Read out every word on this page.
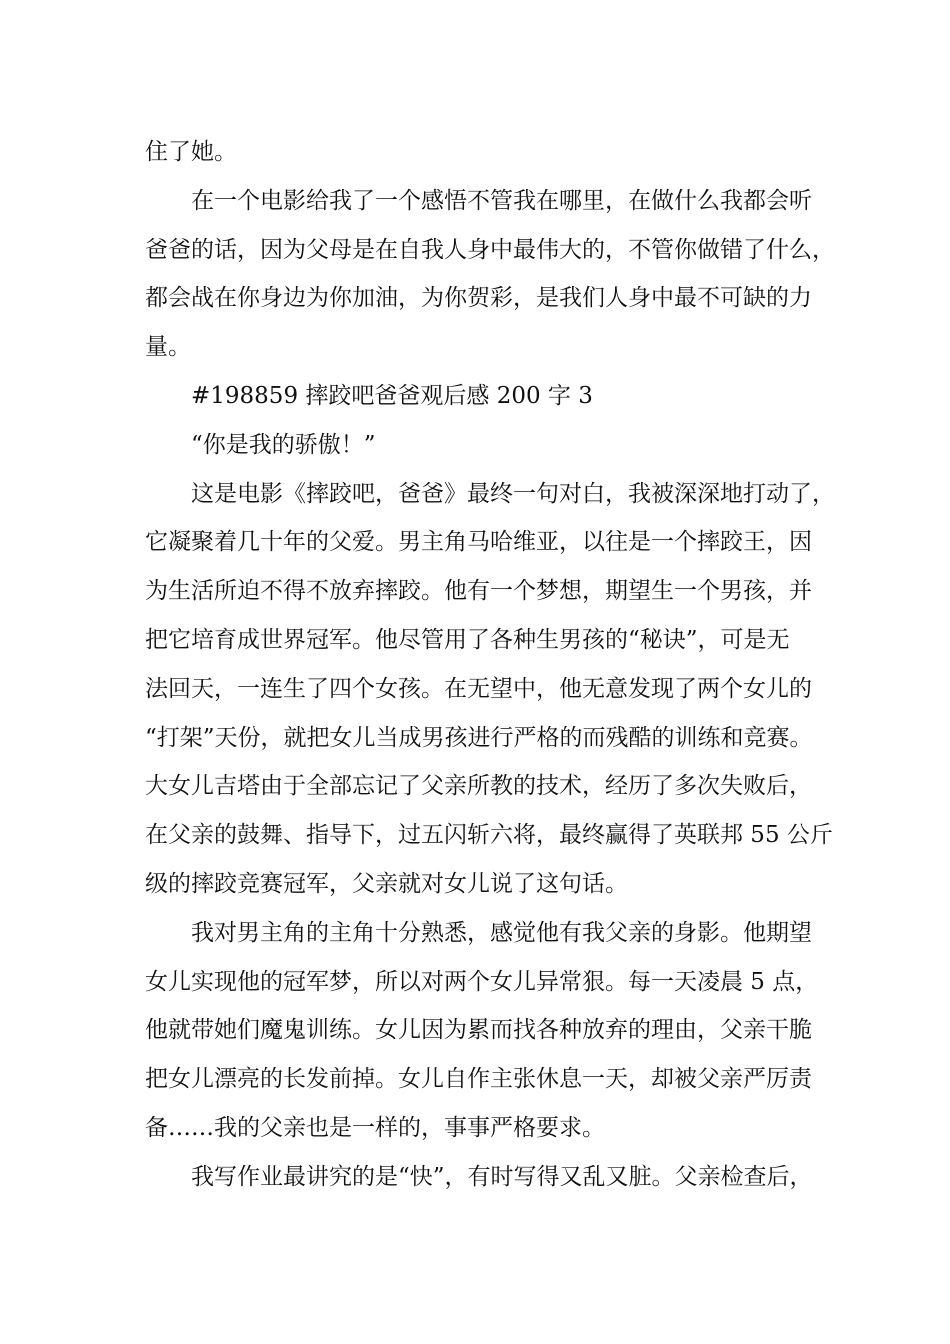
住了她。

在一个电影给我了一个感悟不管我在哪里，在做什么我都会听
爸爸的话，因为父母是在自我人身中最伟大的，不管你做错了什么，
都会战在你身边为你加油，为你贺彩，是我们人身中最不可缺的力
量。

#198859 摔跤吧爸爸观后感 200 字 3

“你是我的骄傲！”

这是电影《摔跤吧，爸爸》最终一句对白，我被深深地打动了，
它凝聚着几十年的父爱。男主角马哈维亚，以往是一个摔跤王，因
为生活所迫不得不放弃摔跤。他有一个梦想，期望生一个男孩，并
把它培育成世界冠军。他尽管用了各种生男孩的“秘诀”，可是无
法回天，一连生了四个女孩。在无望中，他无意发现了两个女儿的
“打架”天份，就把女儿当成男孩进行严格的而残酷的训练和竞赛。
大女儿吉塔由于全部忘记了父亲所教的技术，经历了多次失败后，
在父亲的鼓舞、指导下，过五闪斩六将，最终赢得了英联邦 55 公斤
级的摔跤竞赛冠军，父亲就对女儿说了这句话。

我对男主角的主角十分熟悉，感觉他有我父亲的身影。他期望
女儿实现他的冠军梦，所以对两个女儿异常狠。每一天凌晨 5 点，
他就带她们魔鬼训练。女儿因为累而找各种放弃的理由，父亲干脆
把女儿漂亮的长发前掉。女儿自作主张休息一天，却被父亲严厉责
备……我的父亲也是一样的，事事严格要求。

我写作业最讲究的是“快”，有时写得又乱又脏。父亲检查后，
